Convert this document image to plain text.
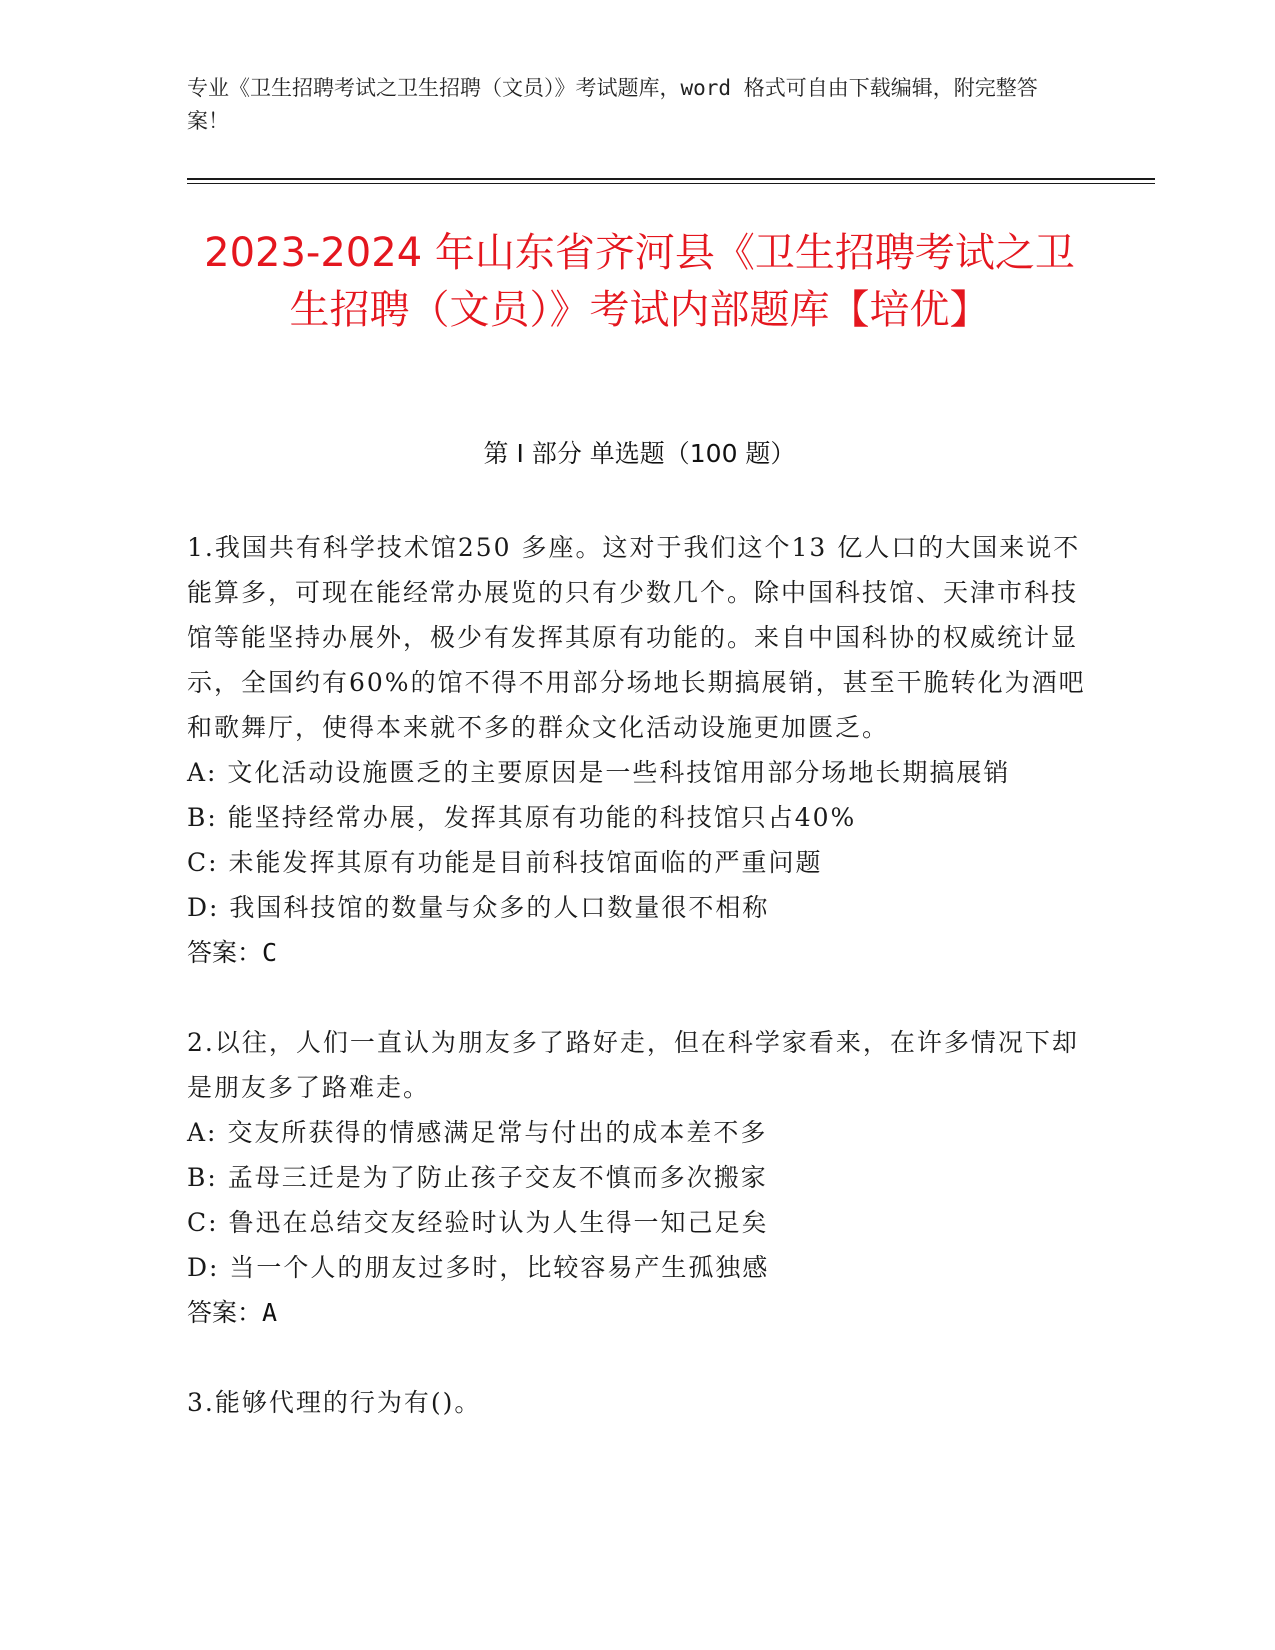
专业《卫生招聘考试之卫生招聘（文员）》考试题库，word 格式可自由下载编辑，附完整答案！
2023-2024 年山东省齐河县《卫生招聘考试之卫生招聘（文员）》考试内部题库【培优】
第 I 部分 单选题（100 题）
1.我国共有科学技术馆250 多座。这对于我们这个13 亿人口的大国来说不能算多，可现在能经常办展览的只有少数几个。除中国科技馆、天津市科技馆等能坚持办展外，极少有发挥其原有功能的。来自中国科协的权威统计显示，全国约有60%的馆不得不用部分场地长期搞展销，甚至干脆转化为酒吧和歌舞厅，使得本来就不多的群众文化活动设施更加匮乏。
A: 文化活动设施匮乏的主要原因是一些科技馆用部分场地长期搞展销
B: 能坚持经常办展，发挥其原有功能的科技馆只占40%
C: 未能发挥其原有功能是目前科技馆面临的严重问题
D: 我国科技馆的数量与众多的人口数量很不相称
答案：C
2.以往，人们一直认为朋友多了路好走，但在科学家看来，在许多情况下却是朋友多了路难走。
A: 交友所获得的情感满足常与付出的成本差不多
B: 孟母三迁是为了防止孩子交友不慎而多次搬家
C: 鲁迅在总结交友经验时认为人生得一知己足矣
D: 当一个人的朋友过多时，比较容易产生孤独感
答案：A
3.能够代理的行为有()。
